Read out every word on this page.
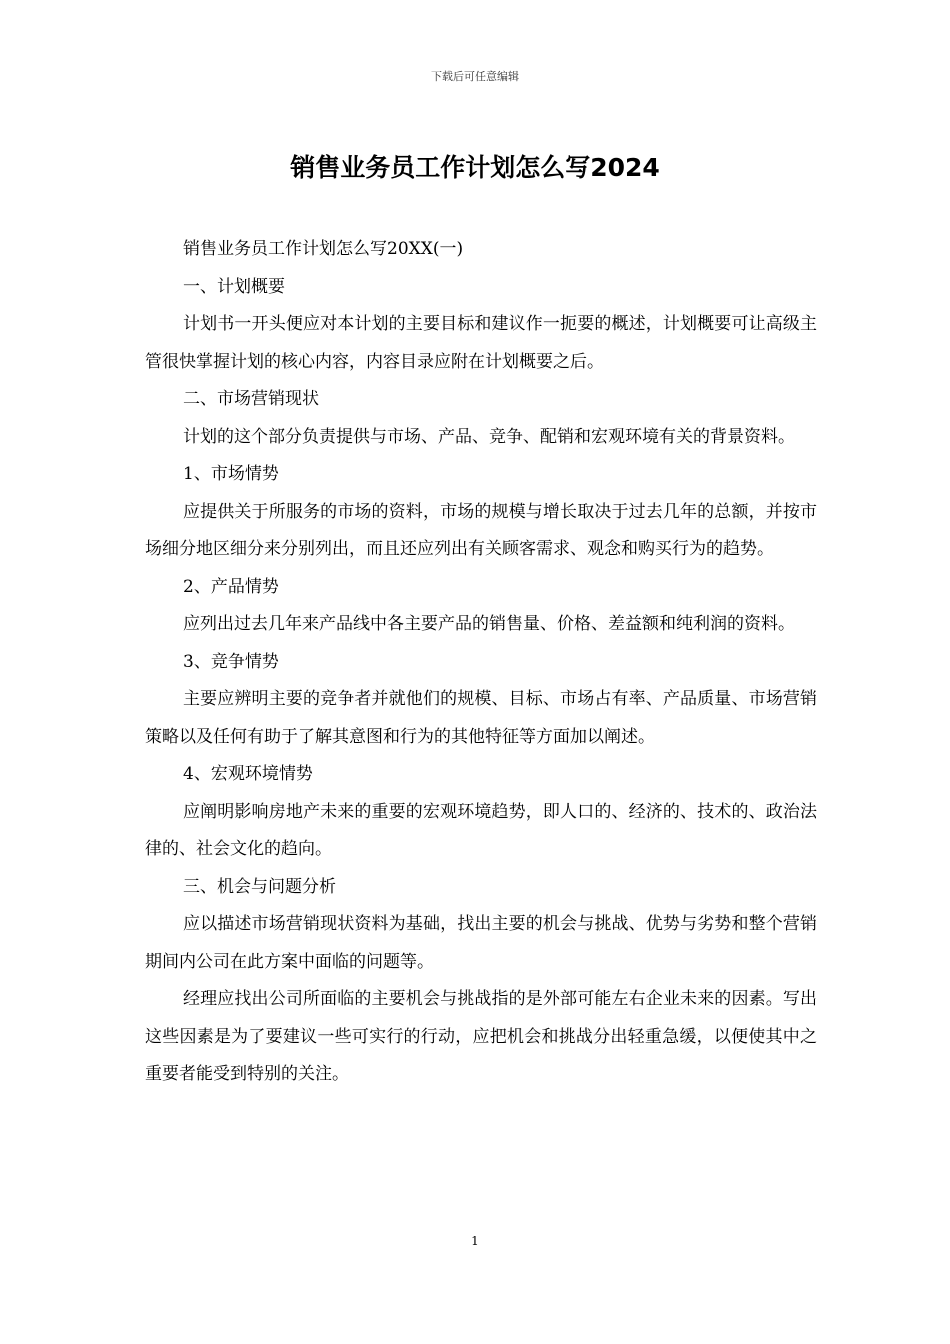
下载后可任意编辑
销售业务员工作计划怎么写2024

销售业务员工作计划怎么写20XX(一)

一、计划概要

计划书一开头便应对本计划的主要目标和建议作一扼要的概述，计划概要可让高级主管很快掌握计划的核心内容，内容目录应附在计划概要之后。

二、市场营销现状

计划的这个部分负责提供与市场、产品、竞争、配销和宏观环境有关的背景资料。

1、市场情势

应提供关于所服务的市场的资料，市场的规模与增长取决于过去几年的总额，并按市场细分地区细分来分别列出，而且还应列出有关顾客需求、观念和购买行为的趋势。

2、产品情势

应列出过去几年来产品线中各主要产品的销售量、价格、差益额和纯利润的资料。

3、竞争情势

主要应辨明主要的竞争者并就他们的规模、目标、市场占有率、产品质量、市场营销策略以及任何有助于了解其意图和行为的其他特征等方面加以阐述。

4、宏观环境情势

应阐明影响房地产未来的重要的宏观环境趋势，即人口的、经济的、技术的、政治法律的、社会文化的趋向。

三、机会与问题分析

应以描述市场营销现状资料为基础，找出主要的机会与挑战、优势与劣势和整个营销期间内公司在此方案中面临的问题等。

经理应找出公司所面临的主要机会与挑战指的是外部可能左右企业未来的因素。写出这些因素是为了要建议一些可实行的行动，应把机会和挑战分出轻重急缓，以便使其中之重要者能受到特别的关注。

1
